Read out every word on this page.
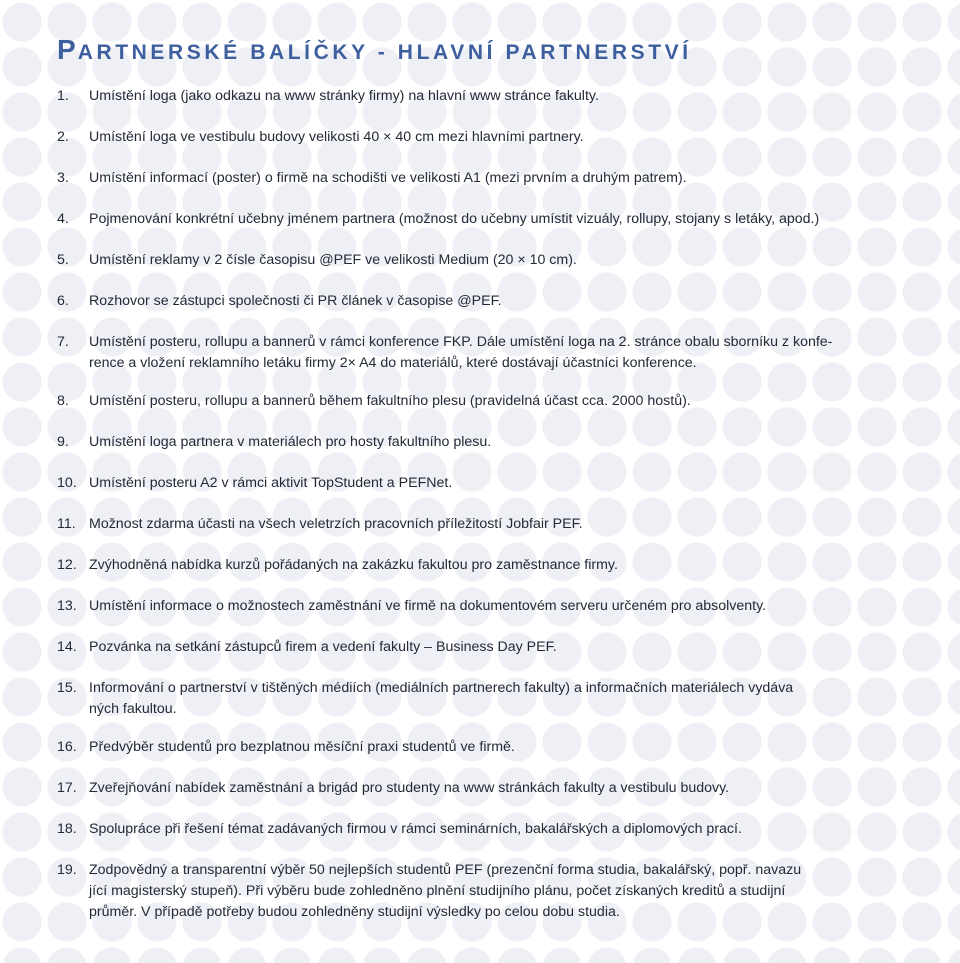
PARTNERSKÉ BALÍČKY - HLAVNÍ PARTNERSTVÍ
1.	Umístění loga (jako odkazu na www stránky firmy) na hlavní www stránce fakulty.
2.	Umístění loga ve vestibulu budovy velikosti 40 × 40 cm mezi hlavními partnery.
3.	Umístění informací (poster) o firmě na schodišti ve velikosti A1 (mezi prvním a druhým patrem).
4.	Pojmenování konkrétní učebny jménem partnera (možnost do učebny umístit vizuály, rollupy, stojany s letáky, apod.)
5.	Umístění reklamy v 2 čísle časopisu @PEF ve velikosti Medium (20 × 10 cm).
6.	Rozhovor se zástupci společnosti či PR článek v časopise @PEF.
7.	Umístění posteru, rollupu a bannerů v rámci konference FKP. Dále umístění loga na 2. stránce obalu sborníku z konfe-
rence a vložení reklamního letáku firmy 2× A4 do materiálů, které dostávají účastníci konference.
8.	Umístění posteru, rollupu a bannerů během fakultního plesu (pravidelná účast cca. 2000 hostů).
9.	Umístění loga partnera v materiálech pro hosty fakultního plesu.
10. Umístění posteru A2 v rámci aktivit TopStudent a PEFNet.
11. Možnost zdarma účasti na všech veletrzích pracovních příležitostí Jobfair PEF.
12. Zvýhodněná nabídka kurzů pořádaných na zakázku fakultou pro zaměstnance firmy.
13. Umístění informace o možnostech zaměstnání ve firmě na dokumentovém serveru určeném pro absolventy.
14. Pozvánka na setkání zástupců firem a vedení fakulty – Business Day PEF.
15. Informování o partnerství v tištěných médiích (mediálních partnerech fakulty) a informačních materiálech vydáva
ných fakultou.
16. Předvýběr studentů pro bezplatnou měsíční praxi studentů ve firmě.
17. Zveřejňování nabídek zaměstnání a brigád pro studenty na www stránkách fakulty a vestibulu budovy.
18. Spolupráce při řešení témat zadávaných firmou v rámci seminárních, bakalářských a diplomových prací.
19. Zodpovědný a transparentní výběr 50 nejlepších studentů PEF (prezenční forma studia, bakalářský, popř. navazu
jící magisterský stupeň). Při výběru bude zohledněno plnění studijního plánu, počet získaných kreditů a studijní
průměr. V případě potřeby budou zohledněny studijní výsledky po celou dobu studia.
